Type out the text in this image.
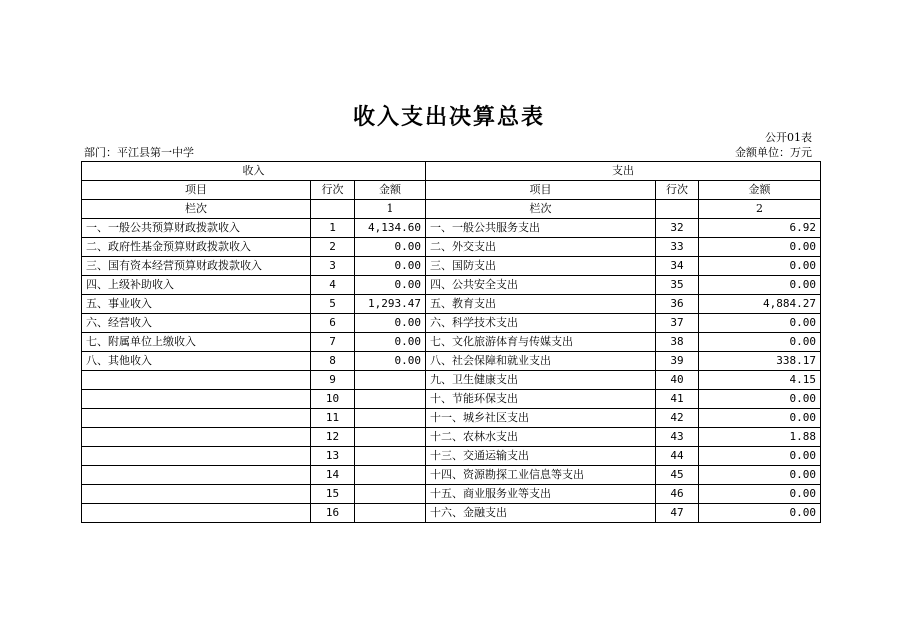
收入支出决算总表
公开01表
部门：平江县第一中学	金额单位：万元
收入			支出		
项目	行次	金额	项目	行次	金额
栏次		1	栏次		2
一、一般公共预算财政拨款收入	1	4,134.60	一、一般公共服务支出	32	6.92
二、政府性基金预算财政拨款收入	2	0.00	二、外交支出	33	0.00
三、国有资本经营预算财政拨款收入	3	0.00	三、国防支出	34	0.00
四、上级补助收入	4	0.00	四、公共安全支出	35	0.00
五、事业收入	5	1,293.47	五、教育支出	36	4,884.27
六、经营收入	6	0.00	六、科学技术支出	37	0.00
七、附属单位上缴收入	7	0.00	七、文化旅游体育与传媒支出	38	0.00
八、其他收入	8	0.00	八、社会保障和就业支出	39	338.17
	9		九、卫生健康支出	40	4.15
	10		十、节能环保支出	41	0.00
	11		十一、城乡社区支出	42	0.00
	12		十二、农林水支出	43	1.88
	13		十三、交通运输支出	44	0.00
	14		十四、资源勘探工业信息等支出	45	0.00
	15		十五、商业服务业等支出	46	0.00
	16		十六、金融支出	47	0.00
